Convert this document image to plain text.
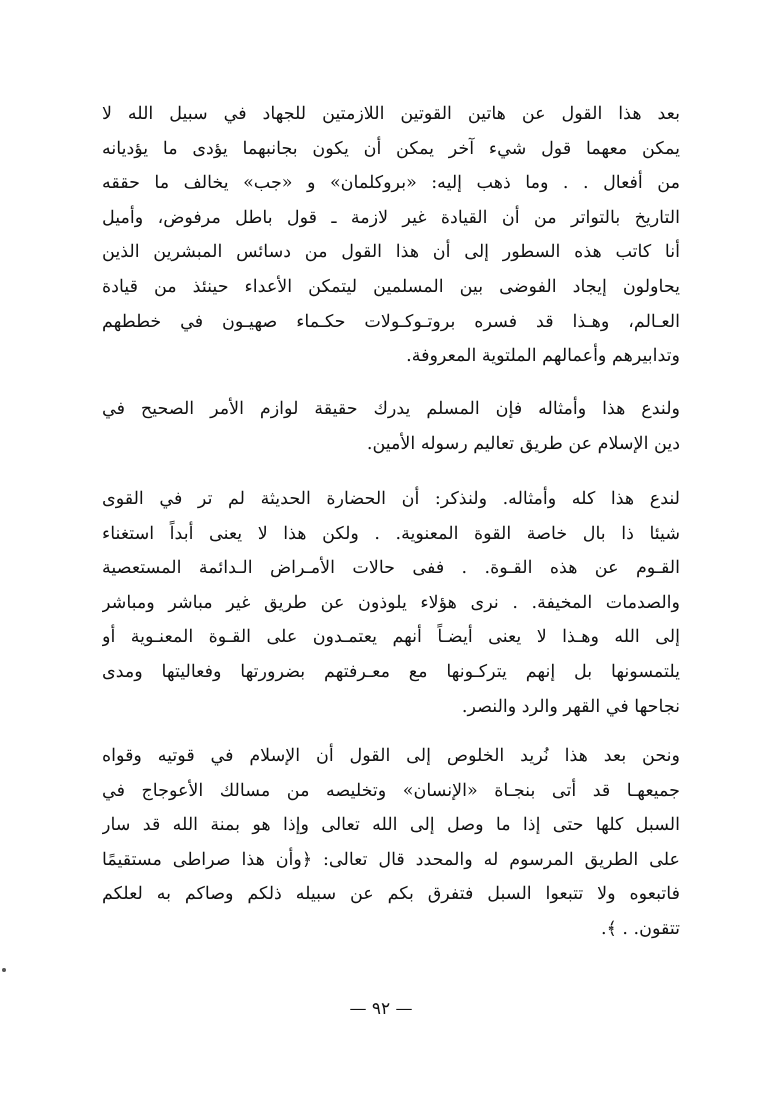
بعد هذا القول عن هاتين القوتين اللازمتين للجهاد في سبيل الله لا
يمكن معهما قول شيء آخر يمكن أن يكون بجانبهما يؤدى ما يؤديانه
من أفعال . . وما ذهب إليه: «بروكلمان» و «جب» يخالف ما حققه
التاريخ بالتواتر من أن القيادة غير لازمة ـ قول باطل مرفوض، وأميل
أنا كاتب هذه السطور إلى أن هذا القول من دسائس المبشرين الذين
يحاولون إيجاد الفوضى بين المسلمين ليتمكن الأعداء حينئذ من قيادة
العـالم، وهـذا قد فسره بروتـوكـولات حكـماء صهيـون في خططهم
وتدابيرهم وأعمالهم الملتوية المعروفة.
ولندع هذا وأمثاله فإن المسلم يدرك حقيقة لوازم الأمر الصحيح في
دين الإسلام عن طريق تعاليم رسوله الأمين.
لندع هذا كله وأمثاله. ولنذكر: أن الحضارة الحديثة لم تر في القوى
شيئا ذا بال خاصة القوة المعنوية. . ولكن هذا لا يعنى أبداً استغناء
القـوم عن هذه القـوة. . ففى حالات الأمـراض الـدائمة المستعصية
والصدمات المخيفة. . نرى هؤلاء يلوذون عن طريق غير مباشر ومباشر
إلى الله وهـذا لا يعنى أيضـاً أنهم يعتمـدون على القـوة المعنـوية أو
يلتمسونها بل إنهم يتركـونها مع معـرفتهم بضرورتها وفعاليتها ومدى
نجاحها في القهر والرد والنصر.
ونحن بعد هذا نُريد الخلوص إلى القول أن الإسلام في قوتيه وقواه
جميعهـا قد أتى بنجـاة «الإنسان» وتخليصه من مسالك الأعوجاج في
السبل كلها حتى إذا ما وصل إلى الله تعالى وإذا هو بمنة الله قد سار
على الطريق المرسوم له والمحدد قال تعالى: ﴿وأن هذا صراطى مستقيمًا
فاتبعوه ولا تتبعوا السبل فتفرق بكم عن سبيله ذلكم وصاكم به لعلكم
تتقون. . ﴾.
— ٩٢ —
